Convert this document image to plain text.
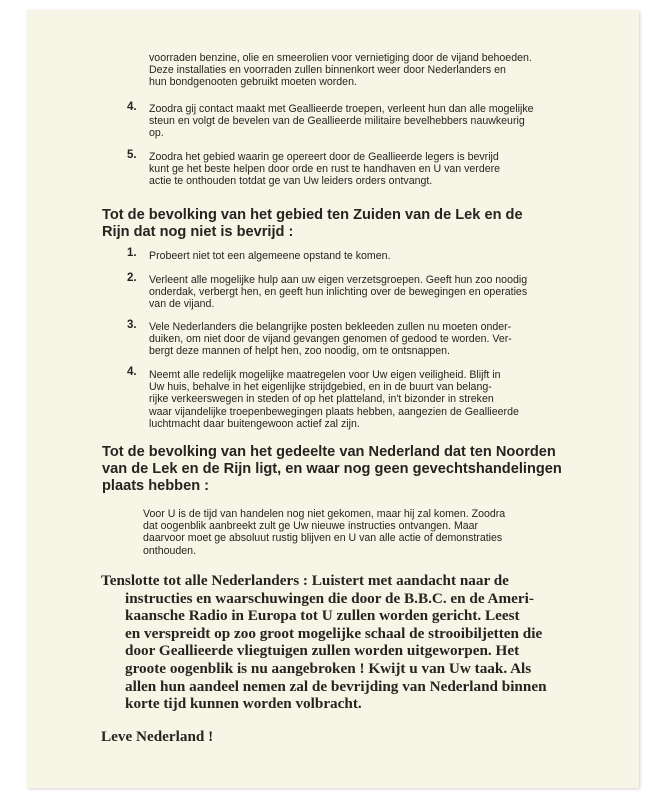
voorraden benzine, olie en smeerolien voor vernietiging door de vijand behoeden.

Deze installaties en voorraden zullen binnenkort weer door Nederlanders en

hun bondgenooten gebruikt moeten worden.

4. Zoodra gij contact maakt met Geallieerde troepen, verleent hun dan alle mogelijke

steun en volgt de bevelen van de Geallieerde militaire bevelhebbers nauwkeurig

op.

5. Zoodra het gebied waarin ge opereert door de Geallieerde legers is bevrijd

kunt ge het beste helpen door orde en rust te handhaven en U van verdere

actie te onthouden totdat ge van Uw leiders orders ontvangt.

Tot de bevolking van het gebied ten Zuiden van de Lek en de
Rijn dat nog niet is bevrijd :
1. Probeert niet tot een algemeene opstand te komen.

2. Verleent alle mogelijke hulp aan uw eigen verzetsgroepen. Geeft hun zoo noodig

onderdak, verbergt hen, en geeft hun inlichting over de bewegingen en operaties

van de vijand.

3. Vele Nederlanders die belangrijke posten bekleeden zullen nu moeten onder-

duiken, om niet door de vijand gevangen genomen of gedood te worden. Ver-

bergt deze mannen of helpt hen, zoo noodig, om te ontsnappen.

4. Neemt alle redelijk mogelijke maatregelen voor Uw eigen veiligheid. Blijft in

Uw huis, behalve in het eigenlijke strijdgebied, en in de buurt van belang-

rijke verkeerswegen in steden of op het platteland, in't bizonder in streken

waar vijandelijke troepenbewegingen plaats hebben, aangezien de Geallieerde

luchtmacht daar buitengewoon actief zal zijn.

Tot de bevolking van het gedeelte van Nederland dat ten Noorden
van de Lek en de Rijn ligt, en waar nog geen gevechtshandelingen
plaats hebben :

Voor U is de tijd van handelen nog niet gekomen, maar hij zal komen. Zoodra

dat oogenblik aanbreekt zult ge Uw nieuwe instructies ontvangen. Maar

daarvoor moet ge absoluut rustig blijven en U van alle actie of demonstraties

onthouden.

Tenslotte tot alle Nederlanders : Luistert met aandacht naar de
instructies en waarschuwingen die door de B.B.C. en de Ameri-
kaansche Radio in Europa tot U zullen worden gericht. Leest
en verspreidt op zoo groot mogelijke schaal de strooibiljetten die
door Geallieerde vliegtuigen zullen worden uitgeworpen. Het
groote oogenblik is nu aangebroken ! Kwijt u van Uw taak. Als
allen hun aandeel nemen zal de bevrijding van Nederland binnen
korte tijd kunnen worden volbracht.
Leve Nederland !
